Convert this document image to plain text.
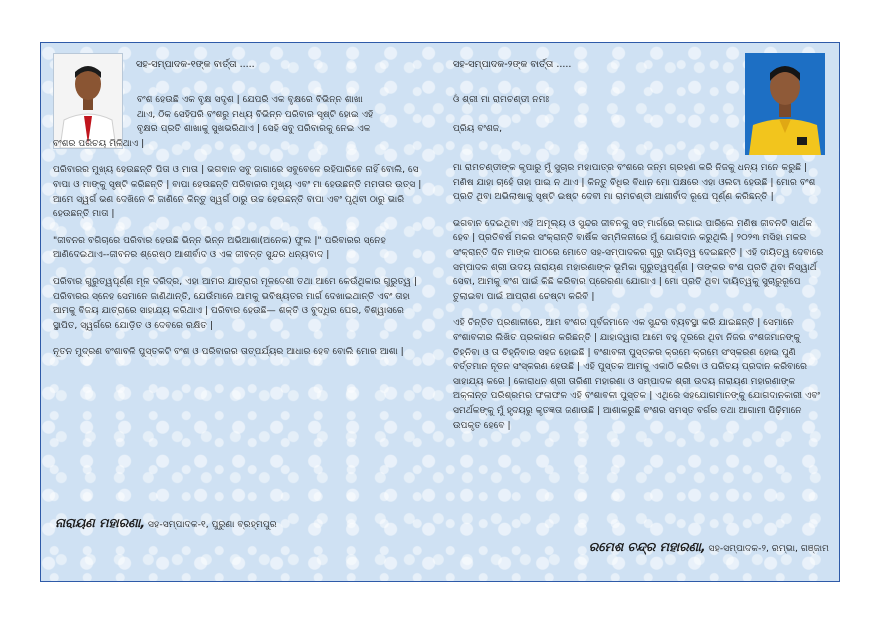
ସହ-ସମ୍ପାଦକ-୧ଙ୍କ ବାର୍ତ୍ତା .....
ବଂଶ ହେଉଛି ଏକ ବୃକ୍ଷ ସଦୃଶ | ଯେପରି ଏକ ବୃକ୍ଷରେ ବିଭିନ୍ନ ଶାଖା
ଥାଏ, ଠିକ ସେହିପରି ବଂଶରୁ ମଧ୍ୟ ବିଭିନ୍ନ ପରିବାର ସୃଷ୍ଟି ହୋଇ ଏହି
ବୃକ୍ଷର ପ୍ରତି ଶାଖାକୁ ସୁଖଭରିଥାଏ | ସେହି ସବୁ ପରିବାରକୁ ନେଇ ଏକ

ବଂଶର ପରିଚୟ ମିଳିଥାଏ |

ପରିବାରର ମୁଖ୍ୟ ହେଉଛନ୍ତି ପିତା ଓ ମାତା | ଭଗବାନ ସବୁ ଜାଗାରେ ସବୁବେଳେ ରହିପାରିବେ ନାହିଁ ବୋଲି, ସେ ବାପା ଓ ମାଙ୍କୁ ସୃଷ୍ଟି କରିଛନ୍ତି | ବାପା ହେଉଛନ୍ତି ପରିବାରର ମୁଖ୍ୟ ଏବଂ ମା ହେଉଛନ୍ତି ମମତାର ଉତ୍ସ | ଆମେ ସ୍ୱର୍ଗ ଭଣ ଦେଖିନେ କି ଜାଣିନେ କିନ୍ତୁ ସ୍ୱର୍ଗ ଠାରୁ ଉଚ୍ଚ ହେଉଛନ୍ତି ବାପା ଏବଂ ପୃଥିବୀ ଠାରୁ ଭାରି ହେଉଛନ୍ତି ମାତା |

"ଜୀବନର ବଗିଚାରେ ପରିବାର ହେଉଛି ଭିନ୍ନ ଭିନ୍ନ ଅଭିଆଶା(ଅନେକ) ଫୁଲ |" ପରିବାରର ସ୍ନେହ ଆଣିଦେଇଥାଏ--ଜୀବନର ଶ୍ରେଷ୍ଠ ଆଶୀର୍ବାଦ ଓ ଏକ ଜୀବନ୍ତ ସୁନ୍ଦର ଧନ୍ୟବାଦ |

ପରିବାର ଗୁରୁତ୍ୱପୂର୍ଣ୍ଣ ମୂଳ ଦରିଦ୍ର, ଏହା ଆମର ଯାତ୍ରାର ମୂଳଦେଶୀ ତଥା ଆମେ କେଉଁଥିକାର ଗୁରୁତ୍ୱ | ପରିବାରର ସ୍ନେହ ସେମାନେ ଜାଣିଥାନ୍ତି, ଯେଉଁମାନେ ଆମକୁ ଭବିଷ୍ୟତର ମାର୍ଗ ଦେଖାଇଥାନ୍ତି ଏବଂ ତାହା ଆମକୁ ବିଜୟ ଯାତ୍ରାରେ ସାହାଯ୍ୟ କରିଥାଏ | ପରିବାର ହେଉଛି— ଶକ୍ତି ଓ ବୁଦ୍ଧିର ଘେର, ବିଶ୍ୱାସରେ ସ୍ଥାପିତ, ସ୍ୱର୍ଗରେ ଯୋଡ଼ିତ ଓ ଦେବରେ ରକ୍ଷିତ |

ନୂତନ ମୁଦ୍ରଣ ବଂଶାବଳି ପୁସ୍ତକଟି ବଂଶ ଓ ପରିବାରର ତାତ୍ପର୍ଯ୍ୟର ଆଧାର ହେବ ବୋଲି ମୋର ଆଶା |

ନାରାୟଣ ମହାରଣା, ସହ-ସମ୍ପାଦକ-୧, ପୁରୁଣା ବ୍ରହ୍ମପୁର
ସହ-ସମ୍ପାଦକ-୨ଙ୍କ ବାର୍ତ୍ତା .....

ଓଁ ଶ୍ରୀ ମା ରାମଚଣ୍ଡୀ ନମଃ

ପ୍ରିୟ ବଂଶଜ,

ମା ରାମଚଣ୍ଡୀଙ୍କ କୃପାରୁ ମୁଁ ସୁଚାର ମହାପାତ୍ର ବଂଶରେ ଜନ୍ମ ଗ୍ରହଣ କରି ନିଜକୁ ଧନ୍ୟ ମନେ କରୁଛି | ମଣିଷ ଯାହା ଚାହେଁ ତାହା ପାଇ ନ ଥାଏ | କିନ୍ତୁ ବିଧିର ବିଧାନ ମୋ ପକ୍ଷରେ ଏହା ଓଲଟା ହେଉଛି | ମୋର ବଂଶ ପ୍ରତି ଥିବା ଅଭିଲାଷାକୁ ସୃଷ୍ଟି ଇଷ୍ଟ ଦେବୀ ମା ରାମଚଣ୍ଡୀ ଆଶୀର୍ବାଦ ରୂପେ ପୂର୍ଣ୍ଣ କରିଛନ୍ତି |

ଭଗବାନ ଦେଇଥିବା ଏହି ଅମୂଲ୍ୟ ଓ ସୁନ୍ଦର ଜୀବନକୁ ସତ୍ ମାର୍ଗରେ ଲଗାଇ ପାରିଲେ ମଣିଷ ଜୀବନଟି ସାର୍ଥକ ହେବ | ପ୍ରତିବର୍ଷ ମକର ସଂକ୍ରାନ୍ତି ବାର୍ଷିକ ସମ୍ମିଳନୀରେ ମୁଁ ଯୋଗଦାନ କରୁଥିଲି | ୨୦୨୩ ମସିହା ମକର ସଂକ୍ରାନ୍ତି ଦିନ ମାଙ୍କ ପାଠରେ ମୋତେ ସହ-ସମ୍ପାଦକର ଗୁରୁ ଦାୟିତ୍ୱ ଦେଇଛନ୍ତି | ଏହି ଦାୟିତ୍ୱ ଦେବାରେ ସମ୍ପାଦକ ଶ୍ରୀ ଉଦୟ ନାରାୟଣ ମହାରଣାଙ୍କ ଭୂମିକା ଗୁରୁତ୍ୱପୂର୍ଣ୍ଣ | ତାଙ୍କର ବଂଶ ପ୍ରତି ଥିବା ନିସ୍ୱାର୍ଥ ସେବା, ଆମକୁ ବଂଶ ପାଇଁ କିଛି କରିବାର ପ୍ରେରଣା ଯୋଗାଏ | ମୋ ପ୍ରତି ଥିବା ଦାୟିତ୍ୱକୁ ସୁଚାରୁରୂପେ ତୁଲାଇବା ପାଇଁ ଆପ୍ରାଣ ଚେଷ୍ଟା କରିବି |

ଏହି ଚିନ୍ତିତ ପ୍ରଣାଳୀରେ, ଆମ ବଂଶର ପୂର୍ବଜମାନେ ଏକ ସୁନ୍ଦର ବ୍ୟବସ୍ଥା କରି ଯାଇଛନ୍ତି | ସେମାନେ ବଂଶାବଳୀର ଲିଖିତ ପ୍ରକାଶନ କରିଛନ୍ତି | ଯାହାଦ୍ୱାରା ଆମେ ବହୁ ଦୂରରେ ଥିବା ନିଜର ବଂଶଜମାନଙ୍କୁ ଚିହ୍ନିବା ଓ ତା ଚିହ୍ନିବାର ସହଜ ହୋଇଛି | ବଂଶାବଳୀ ପୁସ୍ତକର କ୍ରମେ କ୍ରମେ ସଂସ୍କରଣ ହୋଇ ପୁଣି ବର୍ତ୍ତମାନ ନୂତନ ସଂସ୍କରଣ ହେଉଛି | ଏହି ପୁସ୍ତକ ଆମକୁ ଏକାଠି କରିବା ଓ ପରିଚୟ ପ୍ରଦାନ କରିବାରେ ସାହାଯ୍ୟ କରେ | କୋରାଧନ ଶ୍ରୀ ତାରିଣୀ ମହାରଣା ଓ ସମ୍ପାଦକ ଶ୍ରୀ ଉଦୟ ନାରାୟଣ ମହାରଣାଙ୍କ ଅକ୍ଳାନ୍ତ ପରିଶ୍ରମର ଫଳାଫଳ ଏହି ବଂଶାବଳୀ ପୁସ୍ତକ | ଏଥିରେ ସହଯୋଗମାନଙ୍କୁ ଯୋଗଦାନକାରୀ ଏବଂ ସମର୍ଥକଙ୍କୁ ମୁଁ ହୃଦୟରୁ କୃତଜ୍ଞତା ଜଣାଉଛି | ଆଶାକରୁଛି ବଂଶର ସମସ୍ତ ବର୍ଗର ତଥା ଆଗାମୀ ପିଢ଼ିମାନେ ଉପକୃତ ହେବେ |

ରମେଶ ଚନ୍ଦ୍ର ମହାରଣା, ସହ-ସମ୍ପାଦକ-୨, ରମ୍ଭା, ଗଞ୍ଜାମ
